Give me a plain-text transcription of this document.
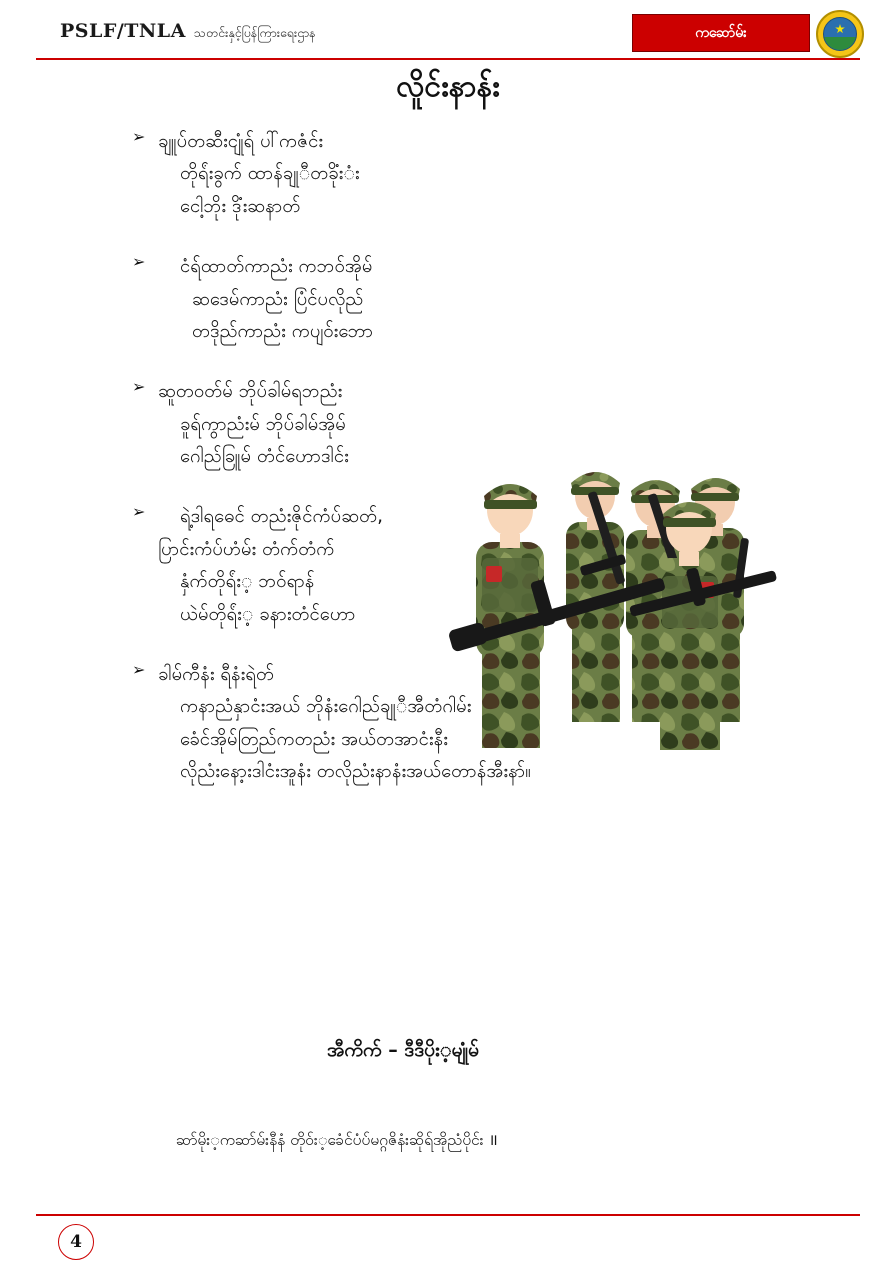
PSLF/TNLA သတင်းနှင့်ပြန်ကြားရေးဌာန	ကဆော်မ်း
လိူင်းနာန်း
➢ ချူပ်တဆီးငျုံရ် ပါ်ကဇံင်း
တိုရ်ံးခွက် ထာန်ချုီတခိုံးံး
ငေါ့ဘိုး ဒိုံးဆနာတ်
➢	ငံရ်ထာတ်ကာညံး ကဘဝ်အိုမ်
ဆဒေမ်ကာညံး ပြံင်ပလိုည်
တဒိုည်ကာညံး ကပျဝ်းဘော
➢ ဆူတဝတ်မ် ဘိုပ်ခါမ်ရဘညံး
ခူရ်ကွာညံးမ် ဘိုပ်ခါမ်အိုမ်
ဂေါည်ခြူမ် တံင်ဟောဒါင်း
➢	ရဲ့ဒါရဓေင် တညံးဇိုင်ကံပ်ဆတ်,
ပြာင်းကံပ်ဟံမ်း တံက်တံက်
နှံက်တိုရ်ံး့ ဘဝ်ရာန်
ယဲမ်တိုရ်ံး့ ခနားတံင်ဟော
➢ ခါမ်ကီနံး ရီနံးရဲတ်
ကနာညံနှာငံးအယ် ဘိုနံးဂေါည်ချုီအီတံဂါမ်း
ခေံင်အိုမ်တြည်ကတညံး အယ်တအာငံးနီး
လိုညံးနော့းဒါငံးအူနံး တလိုညံးနာနံးအယ်တောန်အီးနာ်။
အီကိက် – ဒီဒီပိုး့မျုံမ်
ဆာ်မိုး့ကဆာ်မ်းနီနံ တိုဝ်း့ခေံင်ပံပ်မဂ္ဂဇိနံးဆိုရ်အိုညံပိုင်း ॥
4
